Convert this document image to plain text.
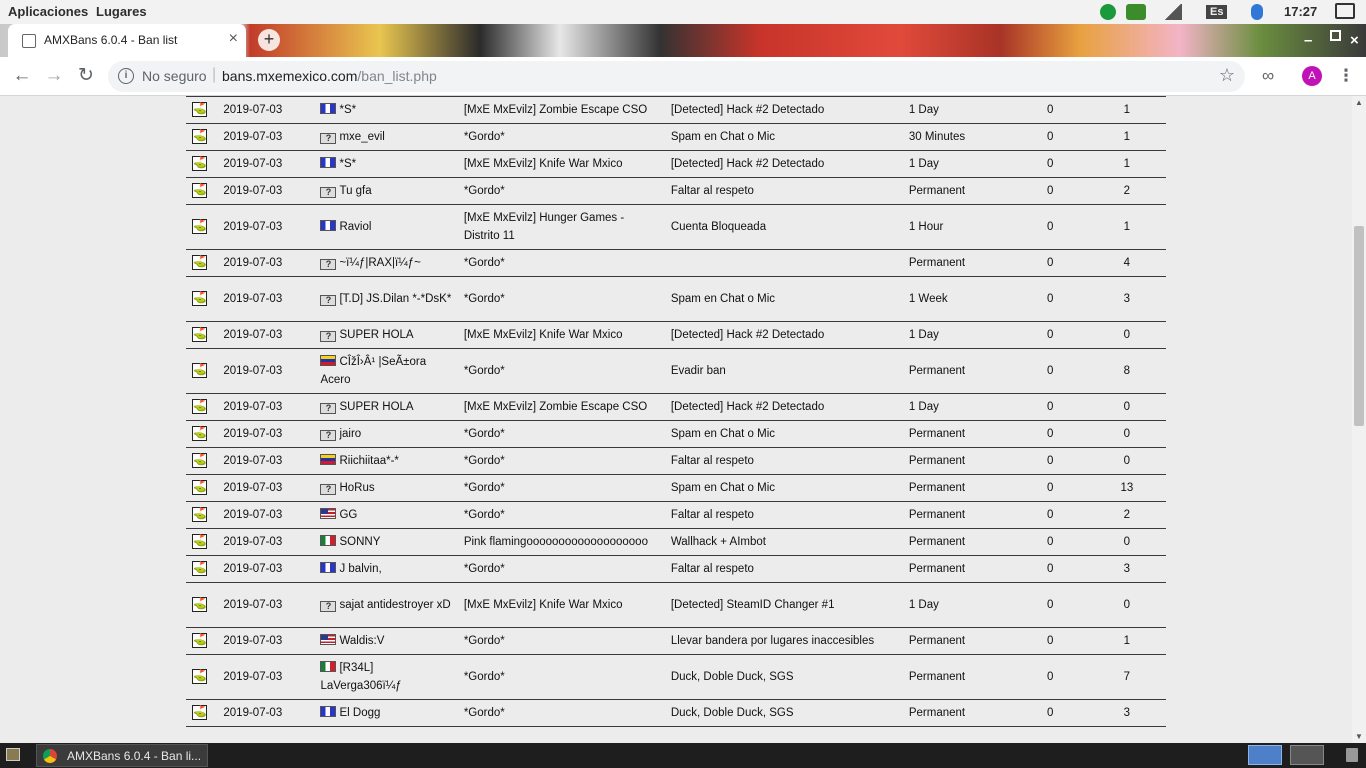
Aplicaciones Lugares	Es	17:27
AMXBans 6.0.4 - Ban list	×	+	–	×
← → ↻	i	No seguro | bans.mxemexico.com/ban_list.php	☆	∞	A	⋮

⛳	2019-07-03	*S*	[MxE MxEvilz] Zombie Escape CSO	[Detected] Hack #2 Detectado	1 Day	0	1
⛳	2019-07-03	? mxe_evil	*Gordo*	Spam en Chat o Mic	30 Minutes	0	1
⛳	2019-07-03	*S*	[MxE MxEvilz] Knife War Mxico	[Detected] Hack #2 Detectado	1 Day	0	1
⛳	2019-07-03	? Tu gfa	*Gordo*	Faltar al respeto	Permanent	0	2
⛳	2019-07-03	Raviol	[MxE MxEvilz] Hunger Games - Distrito 11	Cuenta Bloqueada	1 Hour	0	1
⛳	2019-07-03	? ~ï¼ƒ|RAX|ï¼ƒ~	*Gordo*		Permanent	0	4
⛳	2019-07-03	? [T.D] JS.Dilan *-*DsK*	*Gordo*	Spam en Chat o Mic	1 Week	0	3
⛳	2019-07-03	? SUPER HOLA	[MxE MxEvilz] Knife War Mxico	[Detected] Hack #2 Detectado	1 Day	0	0
⛳	2019-07-03	CÎžÎ›Â¹ |SeÃ±ora Acero	*Gordo*	Evadir ban	Permanent	0	8
⛳	2019-07-03	? SUPER HOLA	[MxE MxEvilz] Zombie Escape CSO	[Detected] Hack #2 Detectado	1 Day	0	0
⛳	2019-07-03	? jairo	*Gordo*	Spam en Chat o Mic	Permanent	0	0
⛳	2019-07-03	Riichiitaa*-*	*Gordo*	Faltar al respeto	Permanent	0	0
⛳	2019-07-03	? HoRus	*Gordo*	Spam en Chat o Mic	Permanent	0	13
⛳	2019-07-03	GG	*Gordo*	Faltar al respeto	Permanent	0	2
⛳	2019-07-03	SONNY	Pink flamingooooooooooooooooooo	Wallhack + AImbot	Permanent	0	0
⛳	2019-07-03	J balvin,	*Gordo*	Faltar al respeto	Permanent	0	3
⛳	2019-07-03	? sajat antidestroyer xD	[MxE MxEvilz] Knife War Mxico	[Detected] SteamID Changer #1	1 Day	0	0
⛳	2019-07-03	Waldis:V	*Gordo*	Llevar bandera por lugares inaccesibles	Permanent	0	1
⛳	2019-07-03	[R34L] LaVerga306ï¼ƒ	*Gordo*	Duck, Doble Duck, SGS	Permanent	0	7
⛳	2019-07-03	El Dogg	*Gordo*	Duck, Doble Duck, SGS	Permanent	0	3
▲
▼
AMXBans 6.0.4 - Ban li...
